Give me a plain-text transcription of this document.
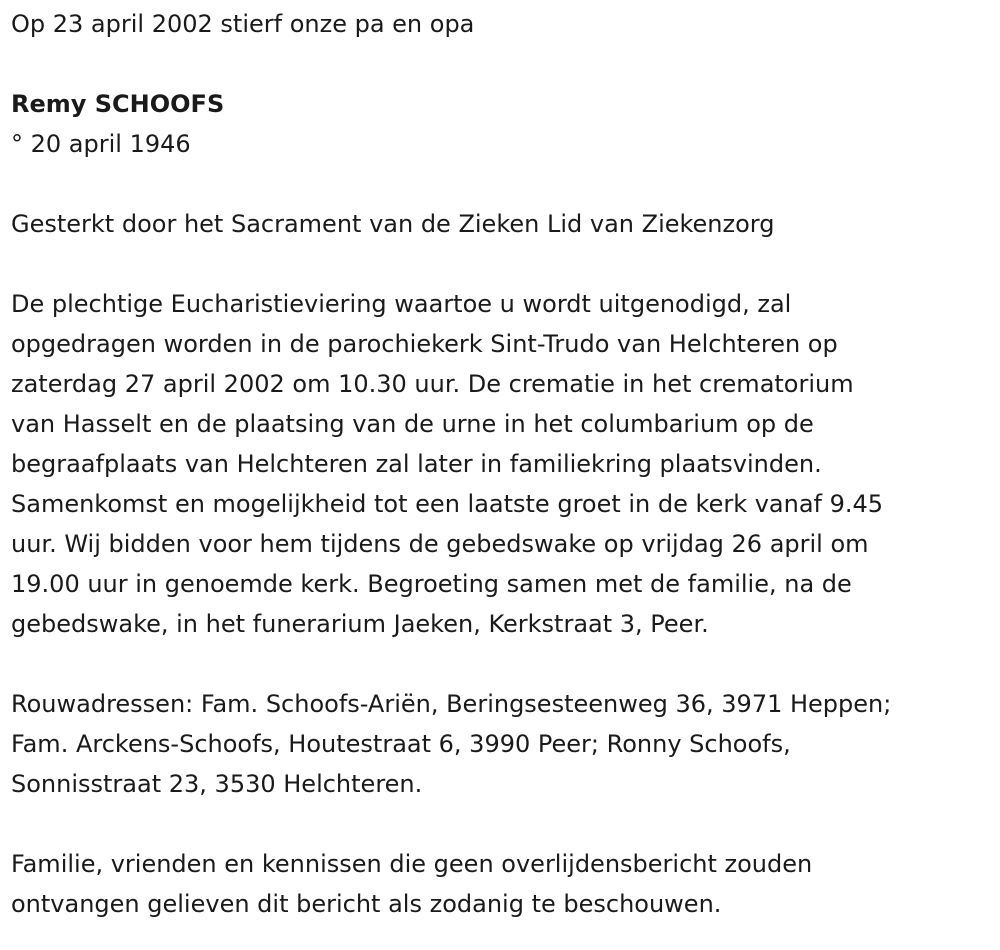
Op 23 april 2002 stierf onze pa en opa

Remy SCHOOFS

° 20 april 1946

Gesterkt door het Sacrament van de Zieken Lid van Ziekenzorg

De plechtige Eucharistieviering waartoe u wordt uitgenodigd, zal

opgedragen worden in de parochiekerk Sint-Trudo van Helchteren op

zaterdag 27 april 2002 om 10.30 uur. De crematie in het crematorium

van Hasselt en de plaatsing van de urne in het columbarium op de

begraafplaats van Helchteren zal later in familiekring plaatsvinden.

Samenkomst en mogelijkheid tot een laatste groet in de kerk vanaf 9.45

uur. Wij bidden voor hem tijdens de gebedswake op vrijdag 26 april om

19.00 uur in genoemde kerk. Begroeting samen met de familie, na de

gebedswake, in het funerarium Jaeken, Kerkstraat 3, Peer.

Rouwadressen: Fam. Schoofs-Ariën, Beringsesteenweg 36, 3971 Heppen;

Fam. Arckens-Schoofs, Houtestraat 6, 3990 Peer; Ronny Schoofs,

Sonnisstraat 23, 3530 Helchteren.

Familie, vrienden en kennissen die geen overlijdensbericht zouden

ontvangen gelieven dit bericht als zodanig te beschouwen.
